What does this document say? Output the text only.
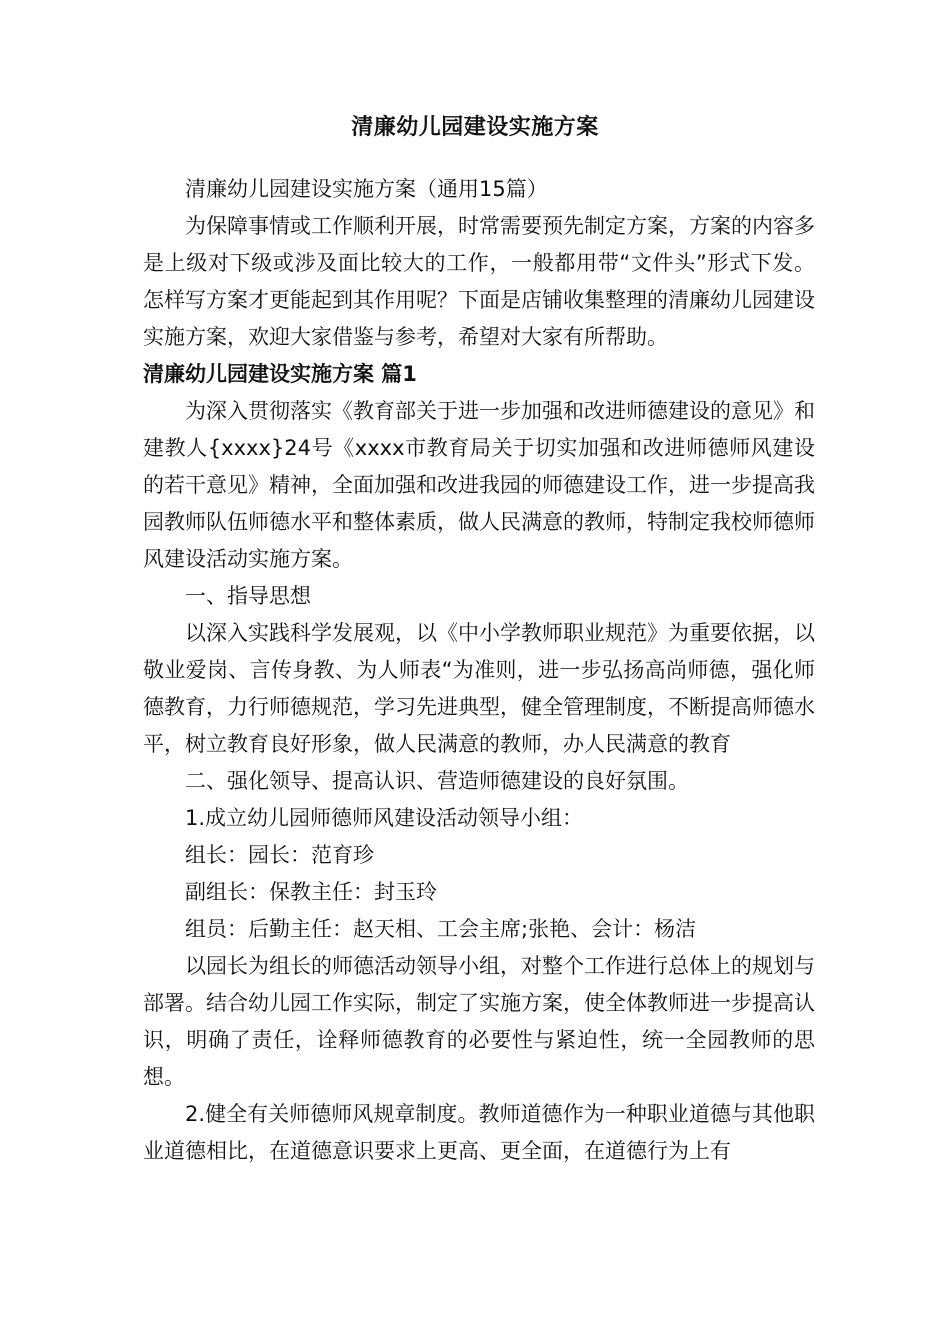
清廉幼儿园建设实施方案

清廉幼儿园建设实施方案（通用15篇）

为保障事情或工作顺利开展，时常需要预先制定方案，方案的内容多是上级对下级或涉及面比较大的工作，一般都用带“文件头”形式下发。怎样写方案才更能起到其作用呢？下面是店铺收集整理的清廉幼儿园建设实施方案，欢迎大家借鉴与参考，希望对大家有所帮助。

清廉幼儿园建设实施方案 篇1

为深入贯彻落实《教育部关于进一步加强和改进师德建设的意见》和建教人{xxxx}24号《xxxx市教育局关于切实加强和改进师德师风建设的若干意见》精神，全面加强和改进我园的师德建设工作，进一步提高我园教师队伍师德水平和整体素质，做人民满意的教师，特制定我校师德师风建设活动实施方案。

一、指导思想

以深入实践科学发展观，以《中小学教师职业规范》为重要依据，以敬业爱岗、言传身教、为人师表“为准则，进一步弘扬高尚师德，强化师德教育，力行师德规范，学习先进典型，健全管理制度，不断提高师德水平，树立教育良好形象，做人民满意的教师，办人民满意的教育

二、强化领导、提高认识、营造师德建设的良好氛围。

1.成立幼儿园师德师风建设活动领导小组：

组长：园长：范育珍

副组长：保教主任：封玉玲

组员：后勤主任：赵天相、工会主席;张艳、会计：杨洁

以园长为组长的师德活动领导小组，对整个工作进行总体上的规划与部署。结合幼儿园工作实际，制定了实施方案，使全体教师进一步提高认识，明确了责任，诠释师德教育的必要性与紧迫性，统一全园教师的思想。

2.健全有关师德师风规章制度。教师道德作为一种职业道德与其他职业道德相比，在道德意识要求上更高、更全面，在道德行为上有
